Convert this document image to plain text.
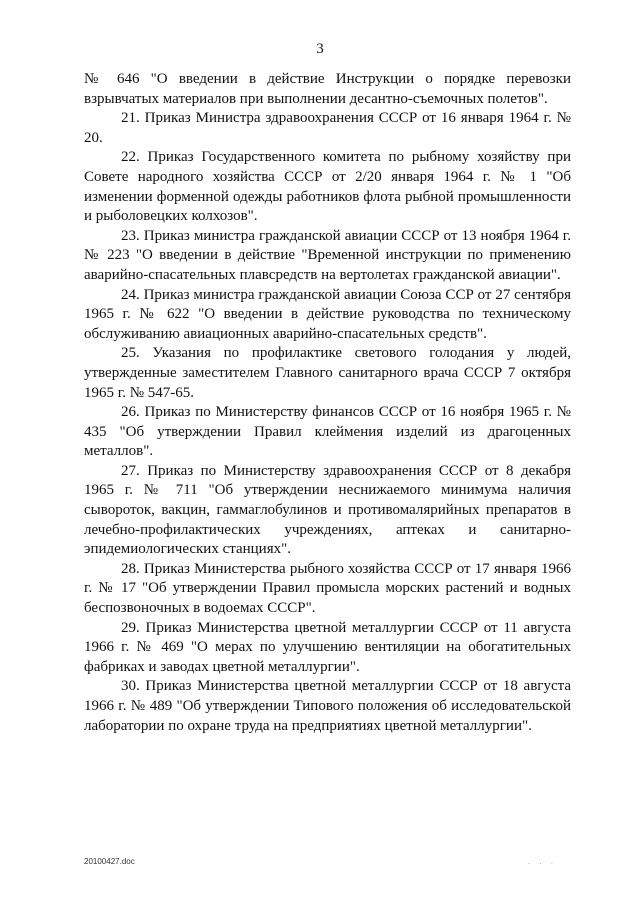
3

№ 646 "О введении в действие Инструкции о порядке перевозки взрывчатых материалов при выполнении десантно-съемочных полетов".

21. Приказ Министра здравоохранения СССР от 16 января 1964 г. № 20.

22. Приказ Государственного комитета по рыбному хозяйству при Совете народного хозяйства СССР от 2/20 января 1964 г. № 1 "Об изменении форменной одежды работников флота рыбной промышленности и рыболовецких колхозов".

23. Приказ министра гражданской авиации СССР от 13 ноября 1964 г. № 223 "О введении в действие "Временной инструкции по применению аварийно-спасательных плавсредств на вертолетах гражданской авиации".

24. Приказ министра гражданской авиации Союза ССР от 27 сентября 1965 г. № 622 "О введении в действие руководства по техническому обслуживанию авиационных аварийно-спасательных средств".

25. Указания по профилактике светового голодания у людей, утвержденные заместителем Главного санитарного врача СССР 7 октября 1965 г. № 547-65.

26. Приказ по Министерству финансов СССР от 16 ноября 1965 г. № 435 "Об утверждении Правил клеймения изделий из драгоценных металлов".

27. Приказ по Министерству здравоохранения СССР от 8 декабря 1965 г. № 711 "Об утверждении неснижаемого минимума наличия сывороток, вакцин, гаммаглобулинов и противомалярийных препаратов в лечебно-профилактических учреждениях, аптеках и санитарно-эпидемиологических станциях".

28. Приказ Министерства рыбного хозяйства СССР от 17 января 1966 г. № 17 "Об утверждении Правил промысла морских растений и водных беспозвоночных в водоемах СССР".

29. Приказ Министерства цветной металлургии СССР от 11 августа 1966 г. № 469 "О мерах по улучшению вентиляции на обогатительных фабриках и заводах цветной металлургии".

30. Приказ Министерства цветной металлургии СССР от 18 августа 1966 г. № 489 "Об утверждении Типового положения об исследовательской лаборатории по охране труда на предприятиях цветной металлургии".

20100427.doc	. . .
